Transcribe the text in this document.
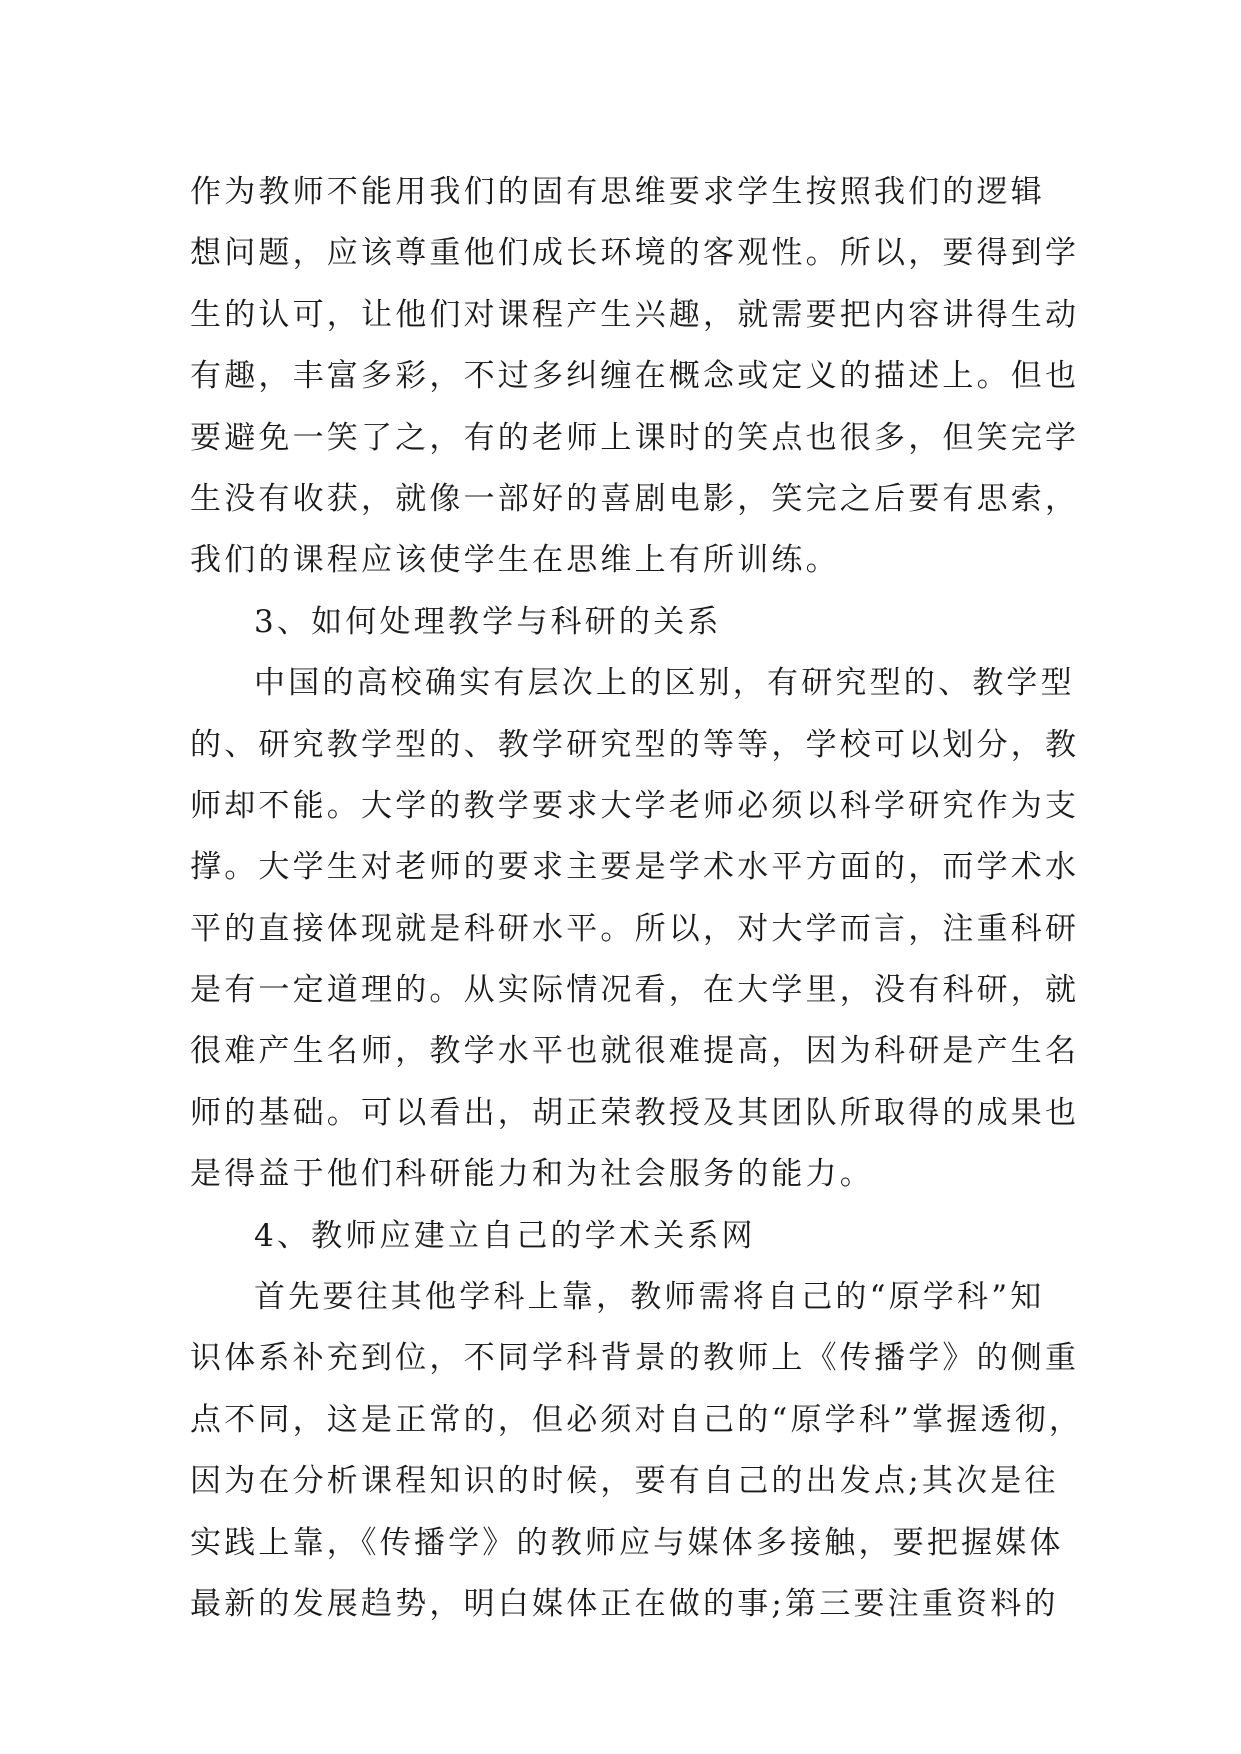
作为教师不能用我们的固有思维要求学生按照我们的逻辑
想问题，应该尊重他们成长环境的客观性。所以，要得到学
生的认可，让他们对课程产生兴趣，就需要把内容讲得生动
有趣，丰富多彩，不过多纠缠在概念或定义的描述上。但也
要避免一笑了之，有的老师上课时的笑点也很多，但笑完学
生没有收获，就像一部好的喜剧电影，笑完之后要有思索，
我们的课程应该使学生在思维上有所训练。
3、如何处理教学与科研的关系
中国的高校确实有层次上的区别，有研究型的、教学型
的、研究教学型的、教学研究型的等等，学校可以划分，教
师却不能。大学的教学要求大学老师必须以科学研究作为支
撑。大学生对老师的要求主要是学术水平方面的，而学术水
平的直接体现就是科研水平。所以，对大学而言，注重科研
是有一定道理的。从实际情况看，在大学里，没有科研，就
很难产生名师，教学水平也就很难提高，因为科研是产生名
师的基础。可以看出，胡正荣教授及其团队所取得的成果也
是得益于他们科研能力和为社会服务的能力。
4、教师应建立自己的学术关系网
首先要往其他学科上靠，教师需将自己的“原学科”知
识体系补充到位，不同学科背景的教师上《传播学》的侧重
点不同，这是正常的，但必须对自己的“原学科”掌握透彻，
因为在分析课程知识的时候，要有自己的出发点;其次是往
实践上靠，《传播学》的教师应与媒体多接触，要把握媒体
最新的发展趋势，明白媒体正在做的事;第三要注重资料的
